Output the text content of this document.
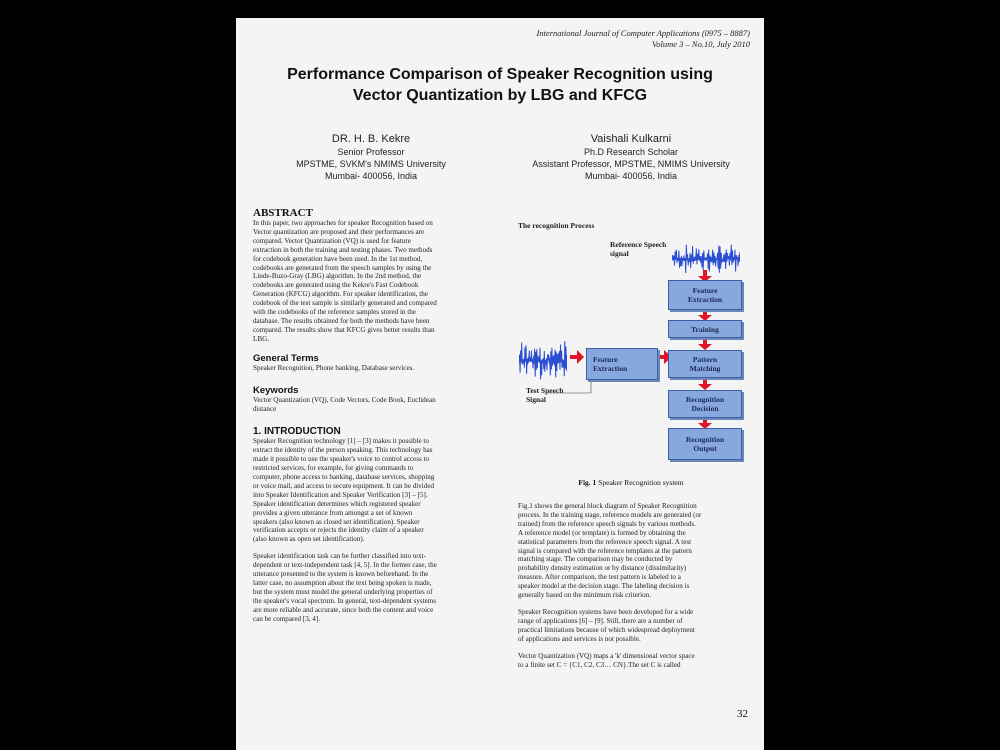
International Journal of Computer Applications (0975 – 8887)
Volume 3 – No.10, July 2010
Performance Comparison of Speaker Recognition using
Vector Quantization by LBG and KFCG
DR. H. B. Kekre
Senior Professor
MPSTME, SVKM's NMIMS University
Mumbai- 400056, India
Vaishali Kulkarni
Ph.D Research Scholar
Assistant Professor, MPSTME, NMIMS University
Mumbai- 400056, India
ABSTRACT
In this paper, two approaches for speaker Recognition based on
Vector quantization are proposed and their performances are
compared. Vector Quantization (VQ) is used for feature
extraction in both the training and testing phases. Two methods
for codebook generation have been used. In the 1st method,
codebooks are generated from the speech samples by using the
Linde-Buzo-Gray (LBG) algorithm. In the 2nd method, the
codebooks are generated using the Kekre's Fast Codebook
Generation (KFCG) algorithm. For speaker identification, the
codebook of the test sample is similarly generated and compared
with the codebooks of the reference samples stored in the
database. The results obtained for both the methods have been
compared. The results show that KFCG gives better results than
LBG.
General Terms
Speaker Recognition, Phone banking, Database services.
Keywords
Vector Quantization (VQ), Code Vectors, Code Book, Euclidean
distance
1. INTRODUCTION
Speaker Recognition technology [1] – [3] makes it possible to
extract the identity of the person speaking. This technology has
made it possible to use the speaker's voice to control access to
restricted services, for example, for giving commands to
computer, phone access to banking, database services, shopping
or voice mail, and access to secure equipment. It can be divided
into Speaker Identification and Speaker Verification [3] – [5].
Speaker identification determines which registered speaker
provides a given utterance from amongst a set of known
speakers (also known as closed set identification). Speaker
verification accepts or rejects the identity claim of a speaker
(also known as open set identification).
Speaker identification task can be further classified into text-
dependent or text-independent task [4, 5]. In the former case, the
utterance presented to the system is known beforehand. In the
latter case, no assumption about the text being spoken is made,
but the system must model the general underlying properties of
the speaker's vocal spectrum. In general, text-dependent systems
are more reliable and accurate, since both the content and voice
can be compared [3, 4].
The recognition Process
Reference Speech
signal
Test Speech
Signal
Feature
Extraction
Training
Feature
Extraction
Pattern
Matching
Recognition
Decision
Recognition
Output
Fig. 1 Speaker Recognition system
Fig.1 shows the general block diagram of Speaker Recognition
process. In the training stage, reference models are generated (or
trained) from the reference speech signals by various methods.
A reference model (or template) is formed by obtaining the
statistical parameters from the reference speech signal. A test
signal is compared with the reference templates at the pattern
matching stage. The comparison may be conducted by
probability density estimation or by distance (dissimilarity)
measure. After comparison, the test pattern is labeled to a
speaker model at the decision stage. The labeling decision is
generally based on the minimum risk criterion.
Speaker Recognition systems have been developed for a wide
range of applications [6] – [9]. Still, there are a number of
practical limitations because of which widespread deployment
of applications and services is not possible.
Vector Quantization (VQ) maps a 'k' dimensional vector space
to a finite set C = {C1, C2, C3… CN}.The set C is called
32
